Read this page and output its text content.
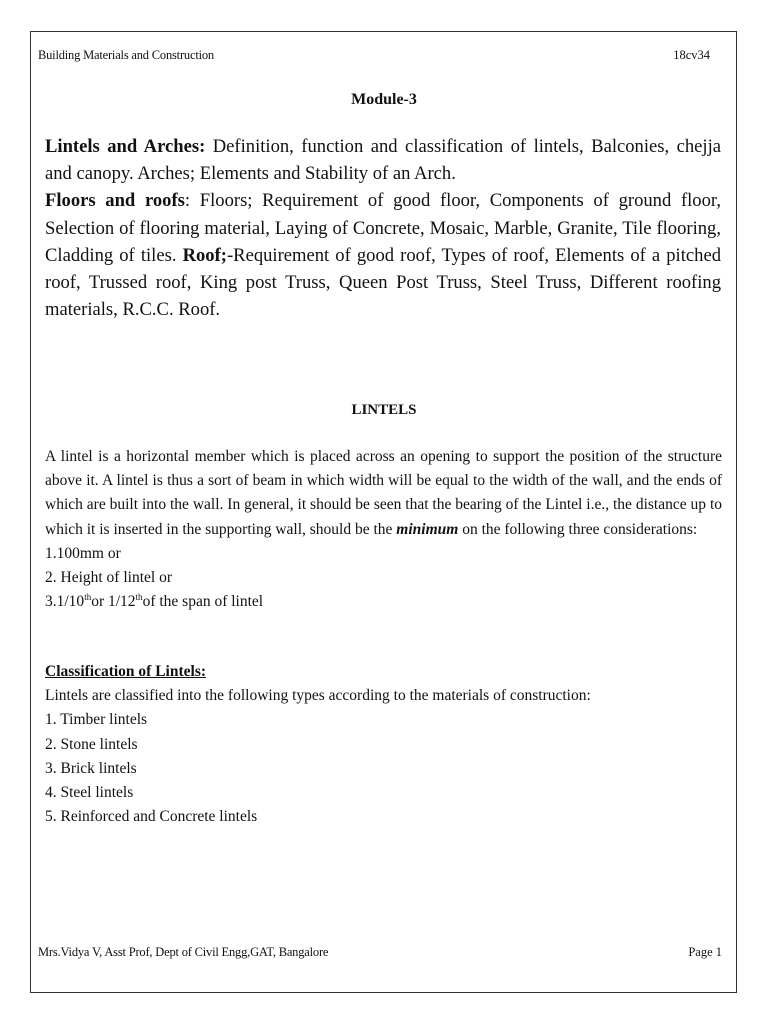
Building Materials and Construction	18cv34
Module-3

Lintels and Arches: Definition, function and classification of lintels, Balconies, chejja and canopy. Arches; Elements and Stability of an Arch.

Floors and roofs: Floors; Requirement of good floor, Components of ground floor, Selection of flooring material, Laying of Concrete, Mosaic, Marble, Granite, Tile flooring, Cladding of tiles. Roof;-Requirement of good roof, Types of roof, Elements of a pitched roof, Trussed roof, King post Truss, Queen Post Truss, Steel Truss, Different roofing materials, R.C.C. Roof.

LINTELS

A lintel is a horizontal member which is placed across an opening to support the position of the structure above it. A lintel is thus a sort of beam in which width will be equal to the width of the wall, and the ends of which are built into the wall. In general, it should be seen that the bearing of the Lintel i.e., the distance up to which it is inserted in the supporting wall, should be the minimum on the following three considerations:

1.100mm or
2. Height of lintel or
3.1/10thor 1/12thof the span of lintel
Classification of Lintels:
Lintels are classified into the following types according to the materials of construction:
1. Timber lintels
2. Stone lintels
3. Brick lintels
4. Steel lintels
5. Reinforced and Concrete lintels
Mrs.Vidya V, Asst Prof, Dept of Civil Engg,GAT, Bangalore	Page 1
